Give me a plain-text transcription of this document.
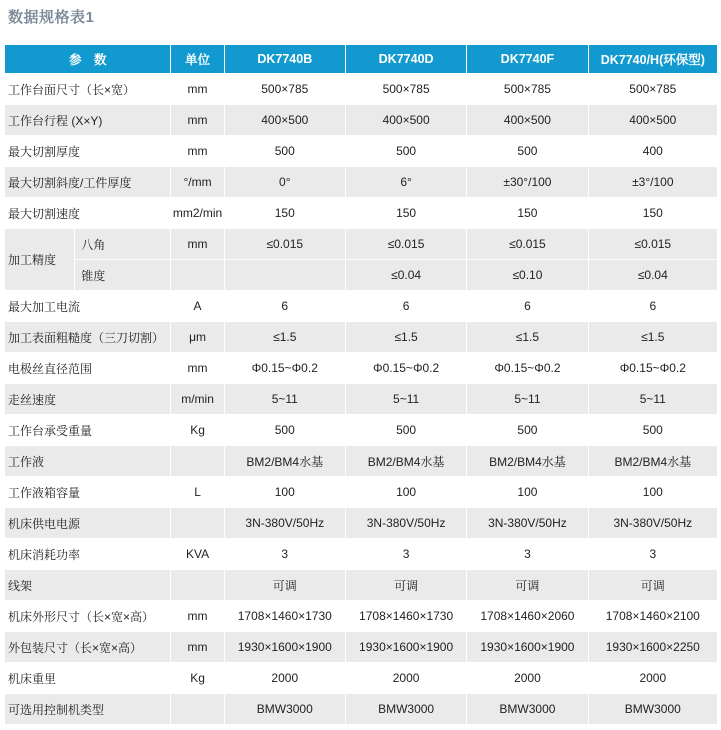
数据规格表1
参　数		单位	DK7740B	DK7740D	DK7740F	DK7740/H(环保型)
工作台面尺寸（长×宽）		mm	500×785	500×785	500×785	500×785
工作台行程 (X×Y)		mm	400×500	400×500	400×500	400×500
最大切割厚度		mm	500	500	500	400
最大切割斜度/工件厚度		°/mm	0°	6°	±30°/100	±3°/100
最大切割速度		mm2/min	150	150	150	150
加工精度	八角	mm	≤0.015	≤0.015	≤0.015	≤0.015
	锥度			≤0.04	≤0.10	≤0.04
最大加工电流		A	6	6	6	6
加工表面粗糙度（三刀切割）		μm	≤1.5	≤1.5	≤1.5	≤1.5
电极丝直径范围		mm	Φ0.15~Φ0.2	Φ0.15~Φ0.2	Φ0.15~Φ0.2	Φ0.15~Φ0.2
走丝速度		m/min	5~11	5~11	5~11	5~11
工作台承受重量		Kg	500	500	500	500
工作液			BM2/BM4水基	BM2/BM4水基	BM2/BM4水基	BM2/BM4水基
工作液箱容量		L	100	100	100	100
机床供电电源			3N-380V/50Hz	3N-380V/50Hz	3N-380V/50Hz	3N-380V/50Hz
机床消耗功率		KVA	3	3	3	3
线架			可调	可调	可调	可调
机床外形尺寸（长×宽×高）		mm	1708×1460×1730	1708×1460×1730	1708×1460×2060	1708×1460×2100
外包装尺寸（长×宽×高）		mm	1930×1600×1900	1930×1600×1900	1930×1600×1900	1930×1600×2250
机床重里		Kg	2000	2000	2000	2000
可选用控制机类型			BMW3000	BMW3000	BMW3000	BMW3000
